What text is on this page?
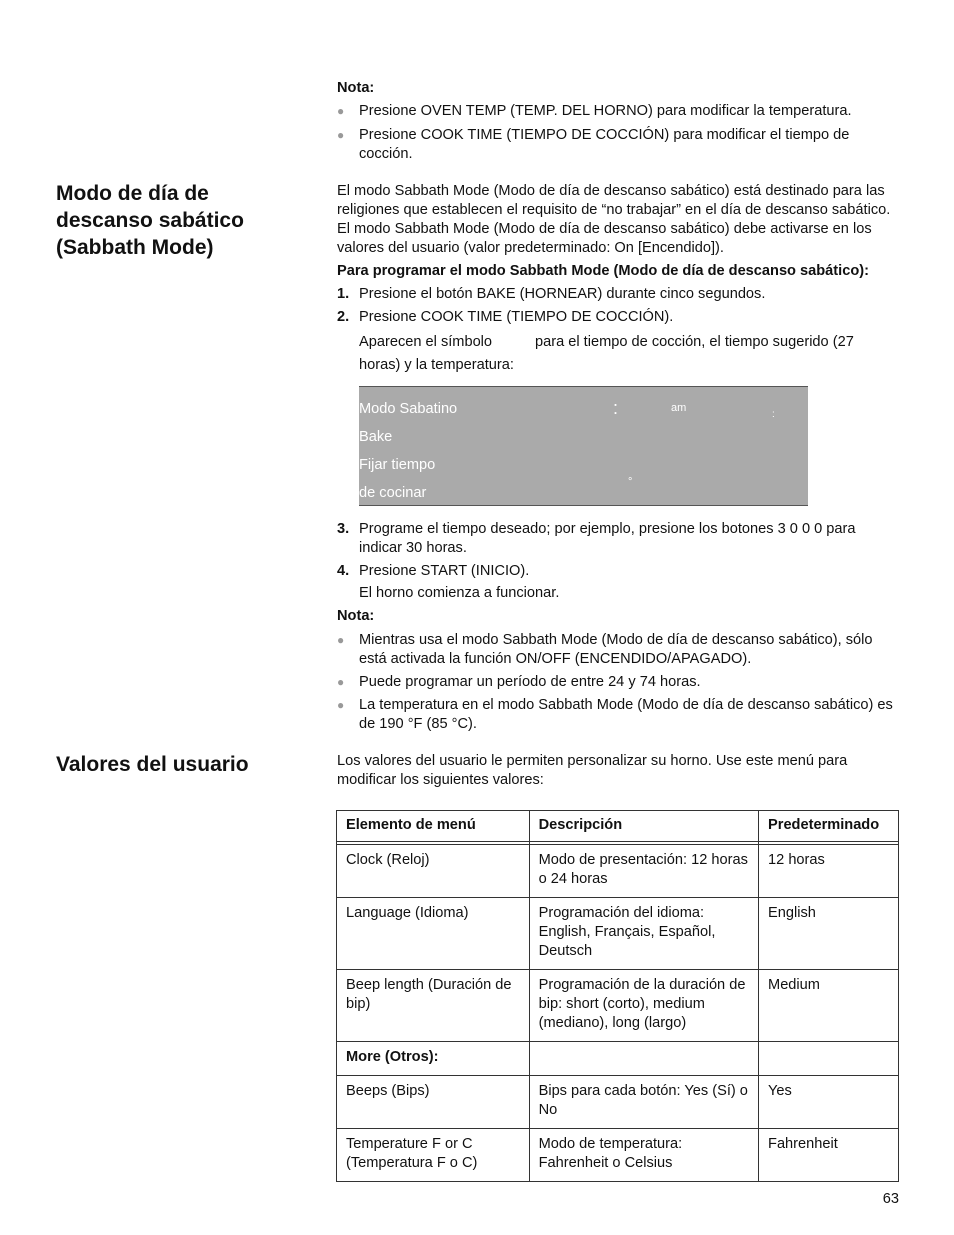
Nota:
● Presione OVEN TEMP (TEMP. DEL HORNO) para modificar la temperatura.
● Presione COOK TIME (TIEMPO DE COCCIÓN) para modificar el tiempo de cocción.
Modo de día de descanso sabático (Sabbath Mode)
El modo Sabbath Mode (Modo de día de descanso sabático) está destinado para las religiones que establecen el requisito de “no trabajar” en el día de descanso sabático. El modo Sabbath Mode (Modo de día de descanso sabático) debe activarse en los valores del usuario (valor predeterminado: On [Encendido]).
Para programar el modo Sabbath Mode (Modo de día de descanso sabático):
1. Presione el botón BAKE (HORNEAR) durante cinco segundos.
2. Presione COOK TIME (TIEMPO DE COCCIÓN).
Aparecen el símbolo	para el tiempo de cocción, el tiempo sugerido (27
horas) y la temperatura:
Modo Sabatino
Bake
Fijar tiempo
de cocinar
:	am
:
°
3. Programe el tiempo deseado; por ejemplo, presione los botones 3 0 0 0 para indicar 30 horas.
4. Presione START (INICIO).
El horno comienza a funcionar.
Nota:
● Mientras usa el modo Sabbath Mode (Modo de día de descanso sabático), sólo está activada la función ON/OFF (ENCENDIDO/APAGADO).
● Puede programar un período de entre 24 y 74 horas.
● La temperatura en el modo Sabbath Mode (Modo de día de descanso sabático) es de 190 °F (85 °C).
Valores del usuario	Los valores del usuario le permiten personalizar su horno. Use este menú para modificar los siguientes valores:
Elemento de menú	Descripción	Predeterminado

Clock (Reloj)	Modo de presentación: 12 horas o 24 horas	12 horas
Language (Idioma)	Programación del idioma: English, Français, Español, Deutsch	English
Beep length (Duración de bip)	Programación de la duración de bip: short (corto), medium (mediano), long (largo)	Medium
More (Otros):		
Beeps (Bips)	Bips para cada botón: Yes (Sí) o No	Yes
Temperature F or C (Temperatura F o C)	Modo de temperatura: Fahrenheit o Celsius	Fahrenheit
63
